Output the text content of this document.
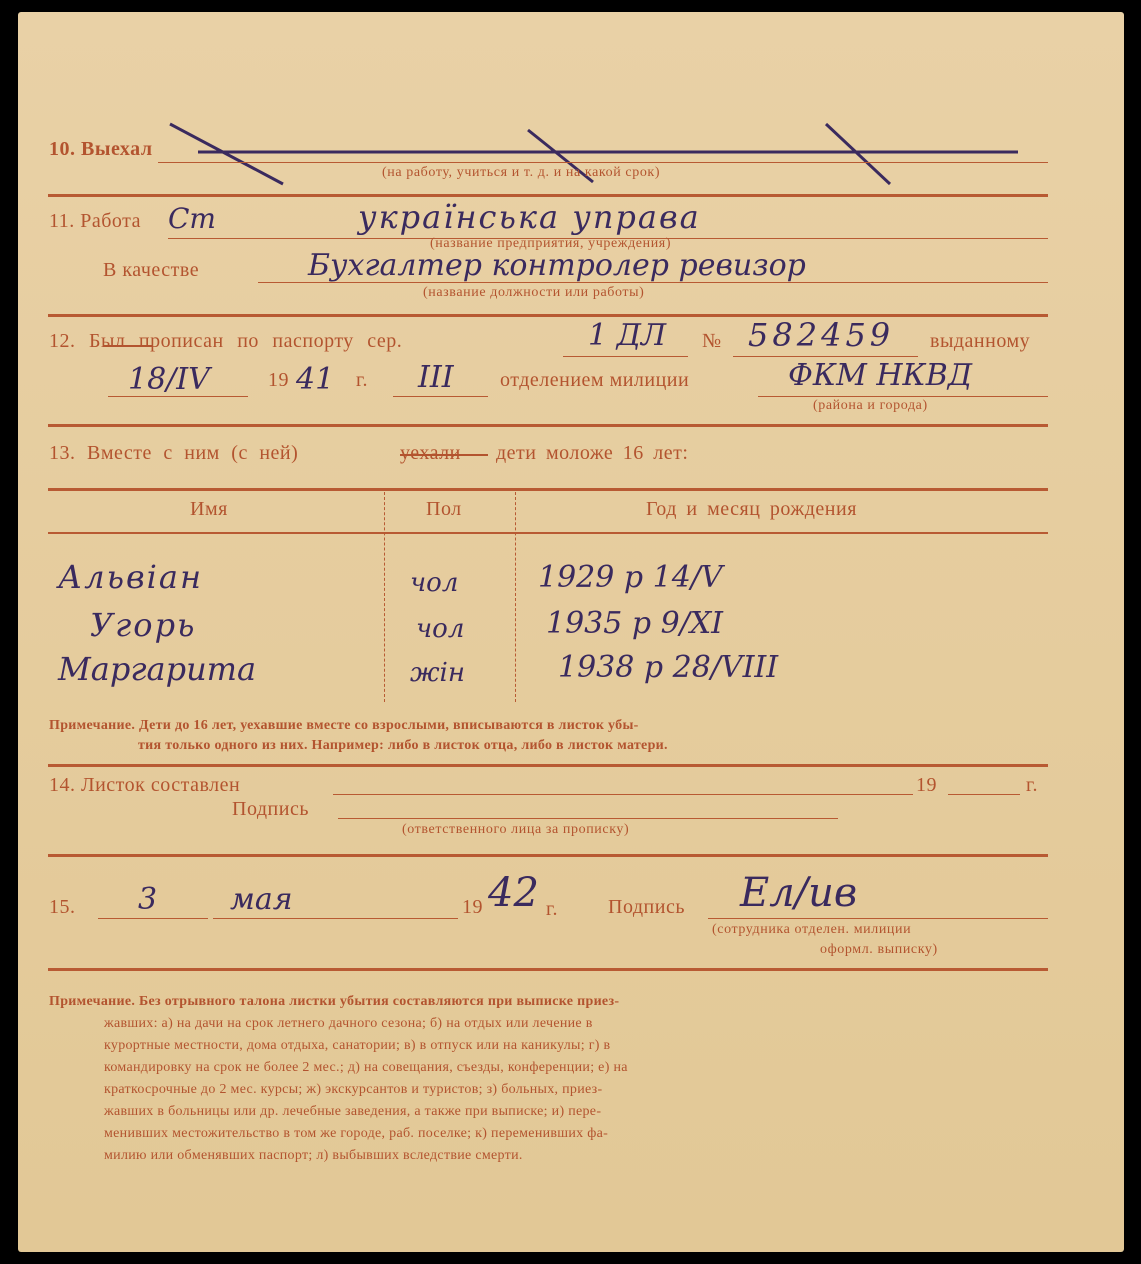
10. Выехал
(на работу, учиться и т. д. и на какой срок)
11. Работа Ст	українська управа
(название предприятия, учреждения)
В качестве	Бухгалтер контролер ревизор
(название должности или работы)
12. Был прописан по паспорту сер.	1 ДЛ № 582459 выданному
18/IV	19 41 г. III отделением милиции	ФКМ НКВД
(района и города)
13. Вместе с ним (с ней)	уехали дети моложе 16 лет:
Имя	Пол	Год и месяц рождения
Альвіан	чол	1929 р 14/V
Угорь	чол	1935 р 9/XI
Маргарита	жін	1938 р 28/VIII
Примечание. Дети до 16 лет, уехавшие вместе со взрослыми, вписываются в листок убы-
тия только одного из них. Например: либо в листок отца, либо в листок матери.
14. Листок составлен	19	г.
Подпись
(ответственного лица за прописку)
15. 3 мая	19 42 г.	Подпись Ел/ив
(сотрудника отделен. милиции
оформл. выписку)
Примечание. Без отрывного талона листки убытия составляются при выписке приез-
жавших: а) на дачи на срок летнего дачного сезона; б) на отдых или лечение в
курортные местности, дома отдыха, санатории; в) в отпуск или на каникулы; г) в
командировку на срок не более 2 мес.; д) на совещания, съезды, конференции; е) на
краткосрочные до 2 мес. курсы; ж) экскурсантов и туристов; з) больных, приез-
жавших в больницы или др. лечебные заведения, а также при выписке; и) пере-
менивших местожительство в том же городе, раб. поселке; к) переменивших фа-
милию или обменявших паспорт; л) выбывших вследствие смерти.
